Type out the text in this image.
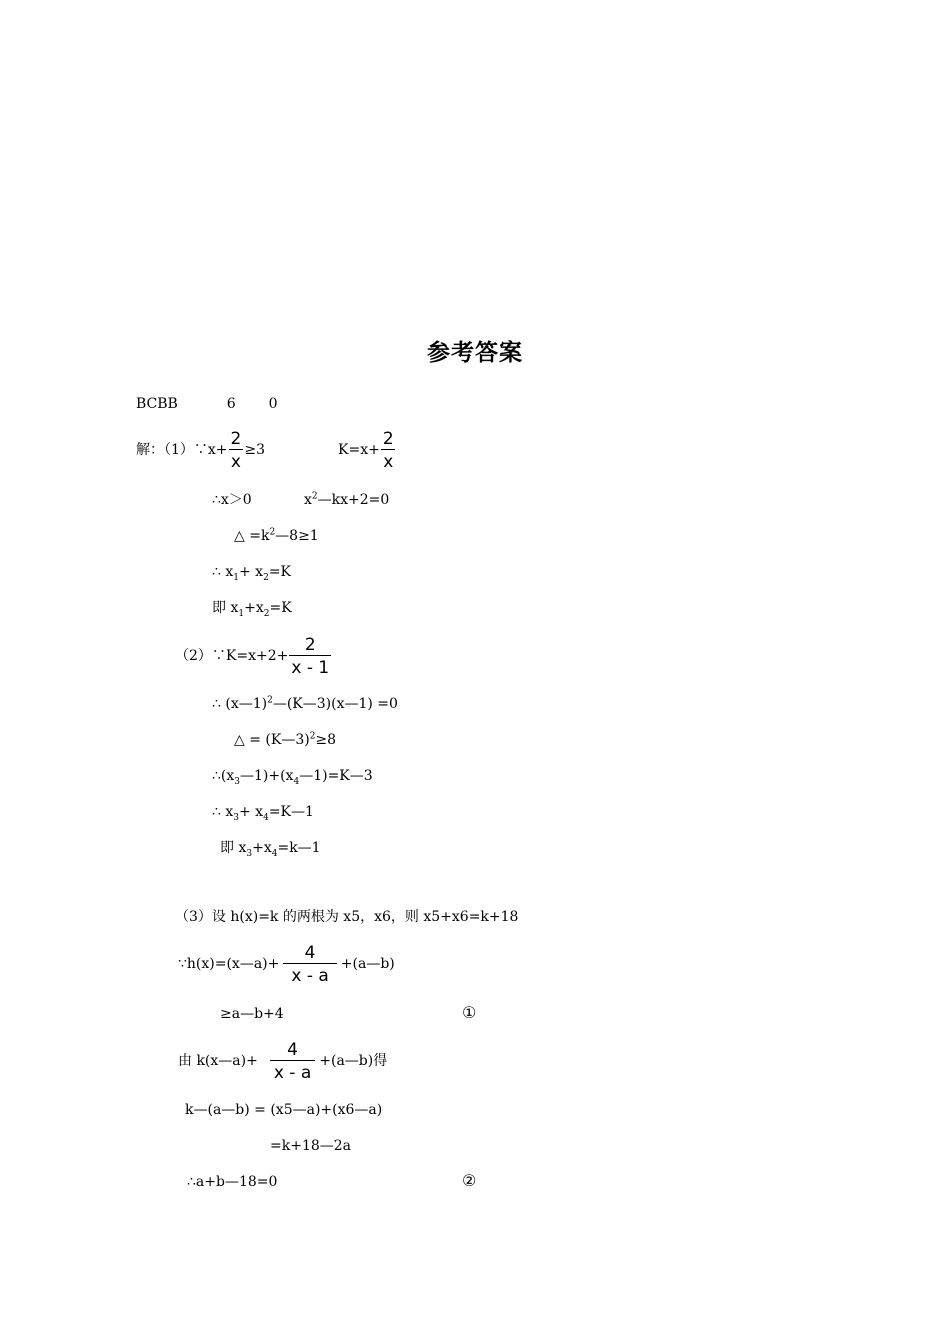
参考答案
BCBB	6 0
解：（1）∵x+ $\frac{2}{x} \ge 3$	$K=x+ \frac{2}{x}$
∴x＞0	$x^2—kx+2=0$
△ $=k^2—8\ge 1$
∴ $x_1+ x_2=K$
即 $x_1+x_2=K$
（2）∵K=x+2+ $\frac{2}{x - 1}$
∴ (x—1)$^2$—(K—3)(x—1) =0
△ = (K—3)$^2$≥8
$\therefore(x_3—1)+(x_4—1)=K—3$
∴ $x_3+$ $x_4=K—1$
即 $x_3+x_4=k—1$
（3）设 h(x)=k 的两根为 x5，x6，则 x5+x6=k+18
∵h(x)=(x—a)+ $\frac{4}{x - a}$ +(a—b)
≥a—b+4	①
由 k(x—a)+ $\frac{4}{x - a}$ +(a—b)得
k—(a—b) = (x5—a)+(x6—a)
=k+18—2a
∴a+b—18=0	②
